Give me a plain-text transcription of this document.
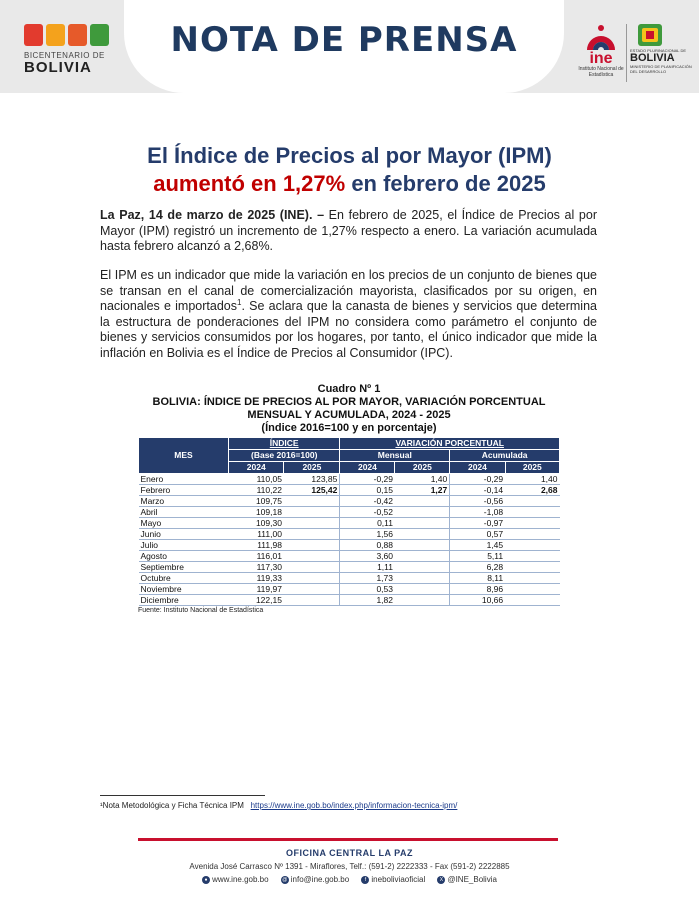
NOTA DE PRENSA
BICENTENARIO DE
BOLIVIA
ine
Instituto Nacional de Estadística
ESTADO PLURINACIONAL DE
BOLIVIA
MINISTERIO DE PLANIFICACIÓN DEL DESARROLLO
El Índice de Precios al por Mayor (IPM)
aumentó en 1,27% en febrero de 2025
La Paz, 14 de marzo de 2025 (INE). – En febrero de 2025, el Índice de Precios al por Mayor (IPM) registró un incremento de 1,27% respecto a enero. La variación acumulada hasta febrero alcanzó a 2,68%.
El IPM es un indicador que mide la variación en los precios de un conjunto de bienes que se transan en el canal de comercialización mayorista, clasificados por su origen, en nacionales e importados$^1$. Se aclara que la canasta de bienes y servicios que determina la estructura de ponderaciones del IPM no considera como parámetro el conjunto de bienes y servicios consumidos por los hogares, por tanto, el único indicador que mide la inflación en Bolivia es el Índice de Precios al Consumidor (IPC).
Cuadro Nº 1
BOLIVIA: ÍNDICE DE PRECIOS AL POR MAYOR, VARIACIÓN PORCENTUAL
MENSUAL Y ACUMULADA, 2024 - 2025
(Índice 2016=100 y en porcentaje)
MES	ÍNDICE		VARIACIÓN PORCENTUAL			
	(Base 2016=100)		Mensual		Acumulada	
	2024	2025	2024	2025	2024	2025
Enero	110,05	123,85	-0,29	1,40	-0,29	1,40
Febrero	110,22	125,42	0,15	1,27	-0,14	2,68
Marzo	109,75		-0,42		-0,56	
Abril	109,18		-0,52		-1,08	
Mayo	109,30		0,11		-0,97	
Junio	111,00		1,56		0,57	
Julio	111,98		0,88		1,45	
Agosto	116,01		3,60		5,11	
Septiembre	117,30		1,11		6,28	
Octubre	119,33		1,73		8,11	
Noviembre	119,97		0,53		8,96	
Diciembre	122,15		1,82		10,66	
Fuente: Instituto Nacional de Estadística
¹Nota Metodológica y Ficha Técnica IPM https://www.ine.gob.bo/index.php/informacion-tecnica-ipm/
OFICINA CENTRAL LA PAZ
Avenida José Carrasco Nº 1391 - Miraflores, Telf.: (591-2) 2222333 - Fax (591-2) 2222885
● www.ine.gob.bo	@ info@ine.gob.bo	f ineboliviaoficial	X @INE_Bolivia
